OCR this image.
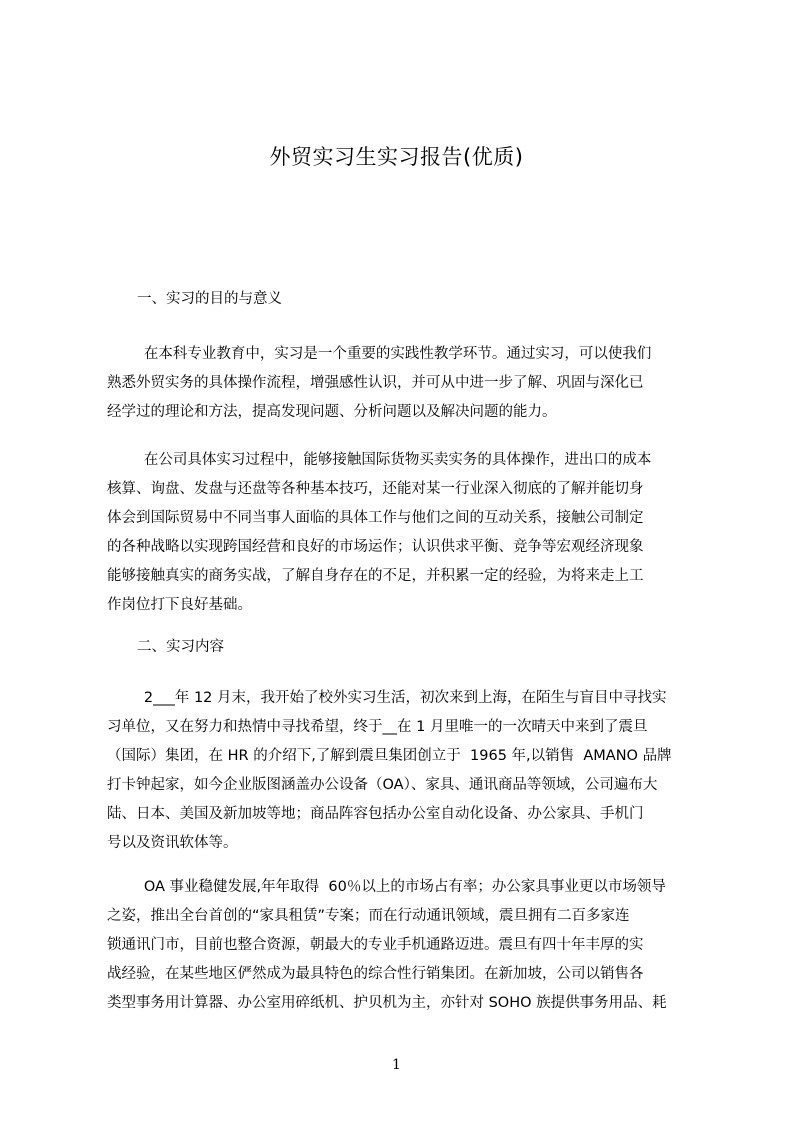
外贸实习生实习报告(优质)
一、实习的目的与意义
在本科专业教育中，实习是一个重要的实践性教学环节。通过实习，可以使我们
熟悉外贸实务的具体操作流程，增强感性认识，并可从中进一步了解、巩固与深化已
经学过的理论和方法，提高发现问题、分析问题以及解决问题的能力。
在公司具体实习过程中，能够接触国际货物买卖实务的具体操作，进出口的成本
核算、询盘、发盘与还盘等各种基本技巧，还能对某一行业深入彻底的了解并能切身
体会到国际贸易中不同当事人面临的具体工作与他们之间的互动关系，接触公司制定
的各种战略以实现跨国经营和良好的市场运作；认识供求平衡、竞争等宏观经济现象
能够接触真实的商务实战，了解自身存在的不足，并积累一定的经验，为将来走上工
作岗位打下良好基础。
二、实习内容
2___年 12 月末，我开始了校外实习生活，初次来到上海，在陌生与盲目中寻找实
习单位，又在努力和热情中寻找希望，终于__在 1 月里唯一的一次晴天中来到了震旦
（国际）集团，在 HR 的介绍下,了解到震旦集团创立于  1965 年,以销售  AMANO 品牌
打卡钟起家，如今企业版图涵盖办公设备（OA）、家具、通讯商品等领域，公司遍布大
陆、日本、美国及新加坡等地；商品阵容包括办公室自动化设备、办公家具、手机门
号以及资讯软体等。
OA 事业稳健发展,年年取得  60％以上的市场占有率；办公家具事业更以市场领导
之姿，推出全台首创的“家具租赁”专案；而在行动通讯领域，震旦拥有二百多家连
锁通讯门市，目前也整合资源，朝最大的专业手机通路迈进。震旦有四十年丰厚的实
战经验，在某些地区俨然成为最具特色的综合性行销集团。在新加坡，公司以销售各
类型事务用计算器、办公室用碎纸机、护贝机为主，亦针对 SOHO 族提供事务用品、耗
1
